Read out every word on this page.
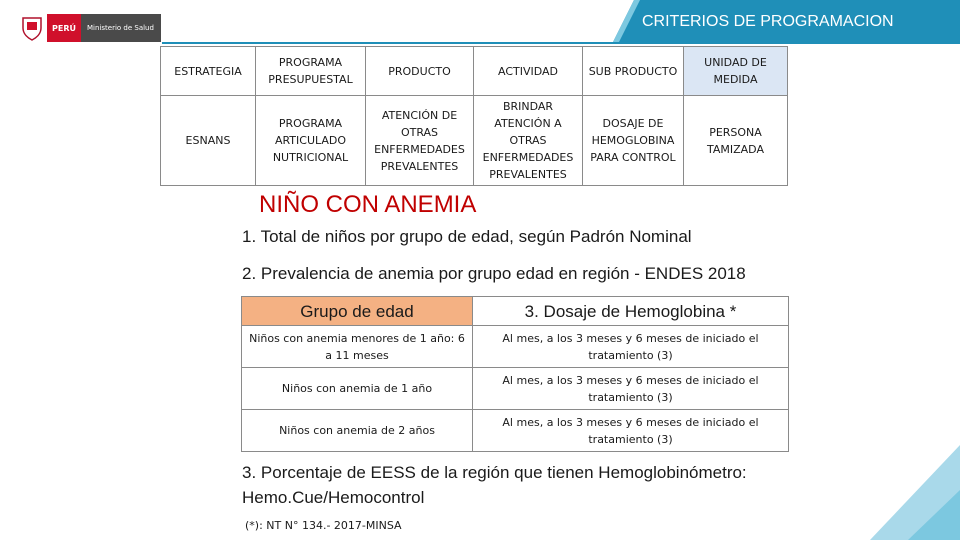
PERÚ	Ministerio de Salud	CRITERIOS DE PROGRAMACION
ESTRATEGIA	PROGRAMA PRESUPUESTAL	PRODUCTO	ACTIVIDAD	SUB PRODUCTO	UNIDAD DE MEDIDA
ESNANS	PROGRAMA ARTICULADO NUTRICIONAL	ATENCIÓN DE OTRAS ENFERMEDADES PREVALENTES	BRINDAR ATENCIÓN A OTRAS ENFERMEDADES PREVALENTES	DOSAJE DE HEMOGLOBINA PARA CONTROL	PERSONA TAMIZADA
NIÑO CON ANEMIA
1. Total de niños por grupo de edad, según Padrón Nominal
2. Prevalencia de anemia por grupo edad en región - ENDES 2018
Grupo de edad	3. Dosaje de Hemoglobina *
Niños con anemia menores de 1 año: 6 a 11 meses	Al mes, a los 3 meses y 6 meses de iniciado el tratamiento (3)
Niños con anemia de 1 año	Al mes, a los 3 meses y 6 meses de iniciado el tratamiento (3)
Niños con anemia de 2 años	Al mes, a los 3 meses y 6 meses de iniciado el tratamiento (3)
3. Porcentaje de EESS de la región que tienen Hemoglobinómetro:
Hemo.Cue/Hemocontrol
(*): NT N° 134.- 2017-MINSA
